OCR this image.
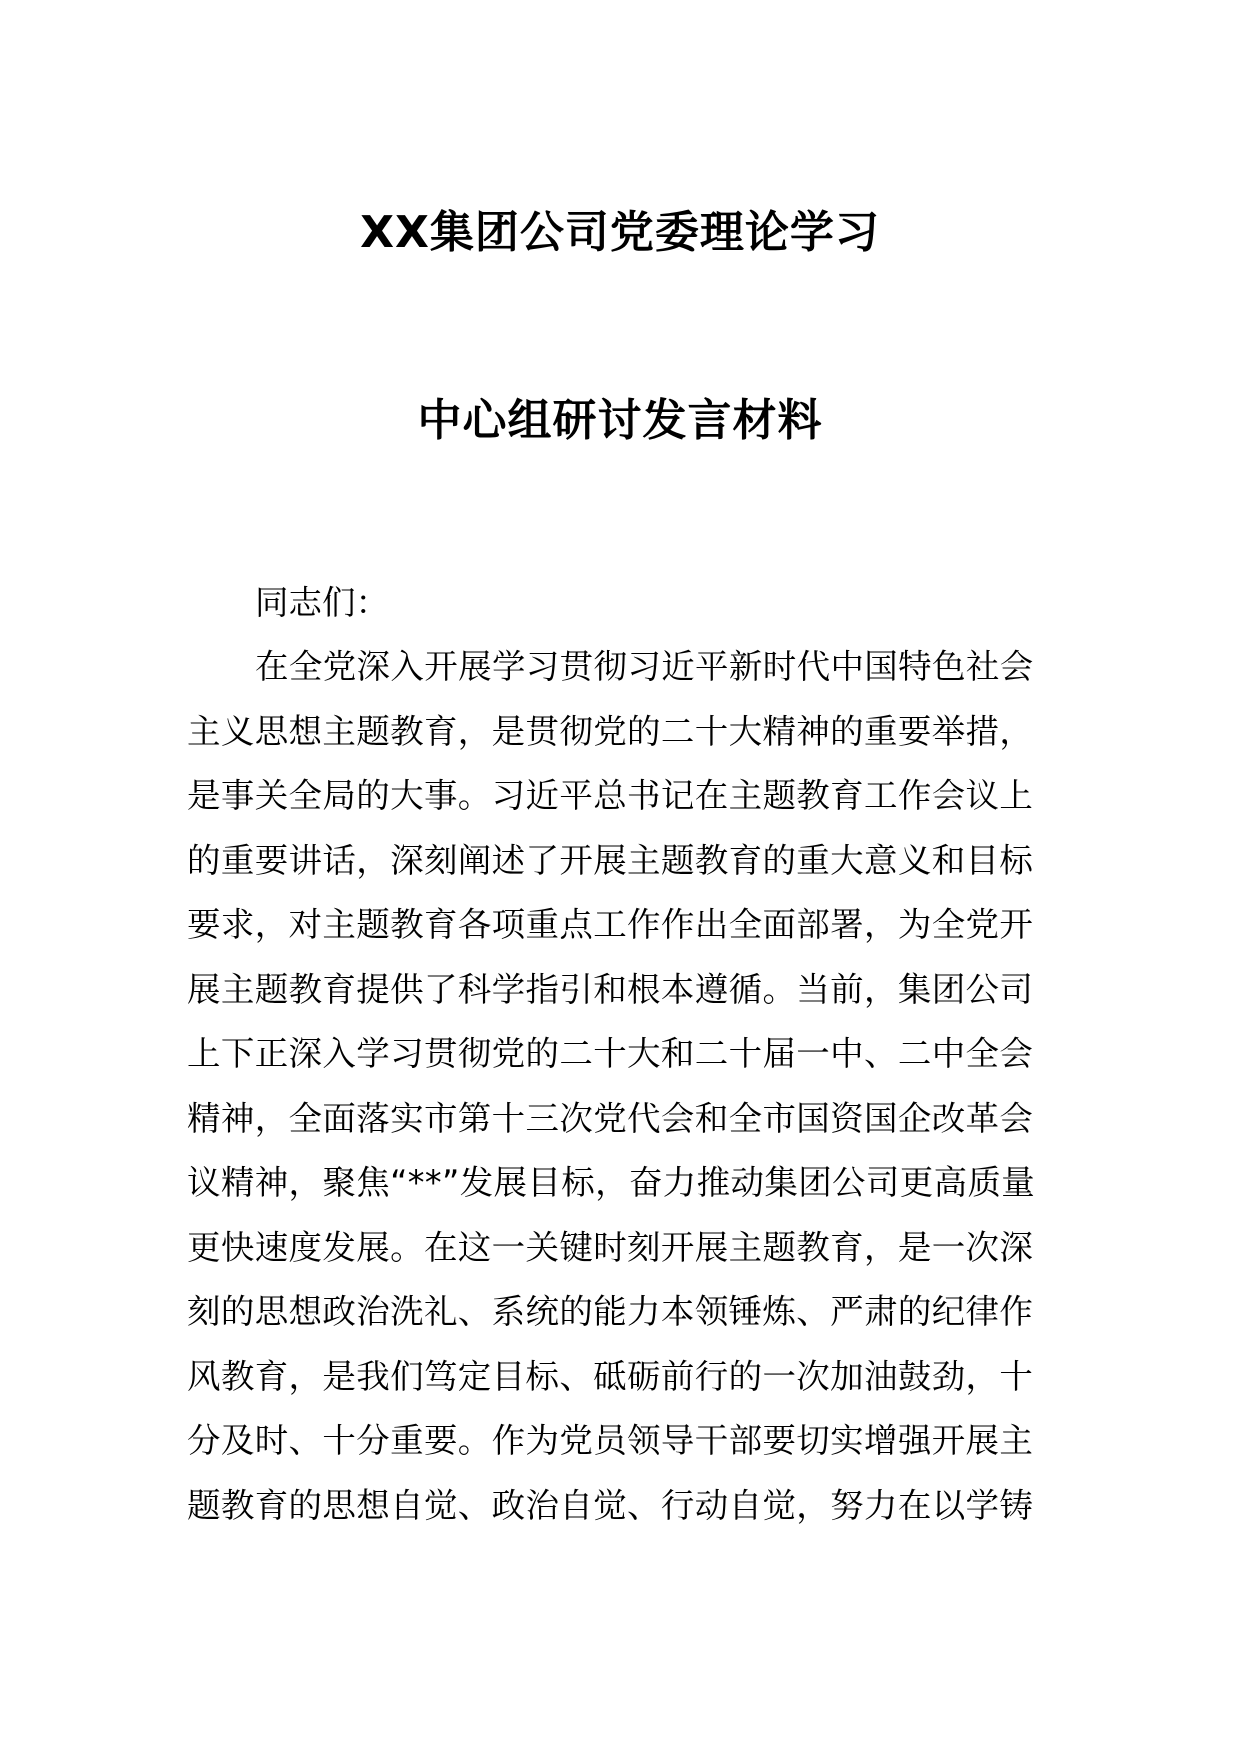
XX集团公司党委理论学习
中心组研讨发言材料
同志们：
在全党深入开展学习贯彻习近平新时代中国特色社会主义思想主题教育，是贯彻党的二十大精神的重要举措，是事关全局的大事。习近平总书记在主题教育工作会议上的重要讲话，深刻阐述了开展主题教育的重大意义和目标要求，对主题教育各项重点工作作出全面部署，为全党开展主题教育提供了科学指引和根本遵循。当前，集团公司上下正深入学习贯彻党的二十大和二十届一中、二中全会精神，全面落实市第十三次党代会和全市国资国企改革会议精神，聚焦“**”发展目标，奋力推动集团公司更高质量更快速度发展。在这一关键时刻开展主题教育，是一次深刻的思想政治洗礼、系统的能力本领锤炼、严肃的纪律作风教育，是我们笃定目标、砥砺前行的一次加油鼓劲，十分及时、十分重要。作为党员领导干部要切实增强开展主题教育的思想自觉、政治自觉、行动自觉，努力在以学铸
